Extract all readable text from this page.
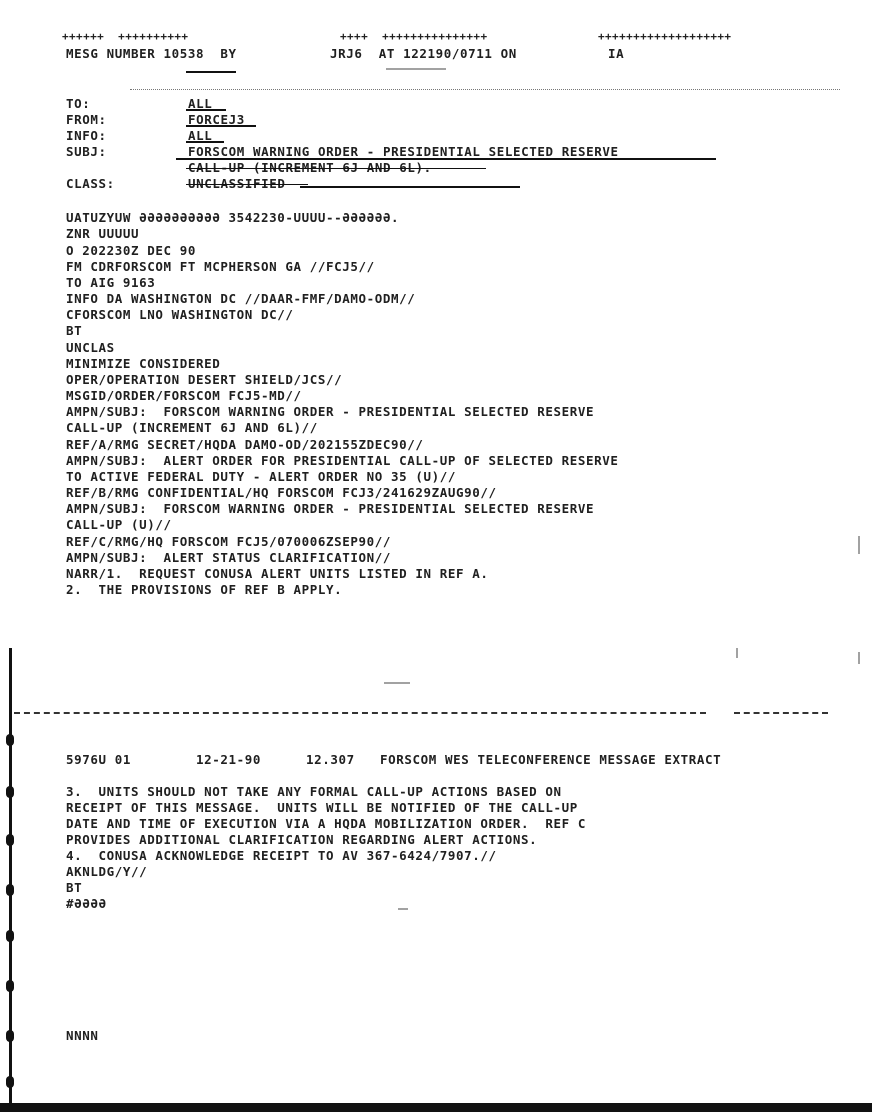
++++++  ++++++++++	++++  +++++++++++++++	+++++++++++++++++++
MESG NUMBER 10538  BY	JRJ6  AT 122190/0711 ON	IA
TO:	ALL
FROM:	FORCEJ3
INFO:	ALL
SUBJ:	FORSCOM WARNING ORDER - PRESIDENTIAL SELECTED RESERVE
CALL-UP (INCREMENT 6J AND 6L).
CLASS:	UNCLASSIFIED
UATUZYUW ƏƏƏƏƏƏƏƏƏƏ 3542230-UUUU--ƏƏƏƏƏƏ.
ZNR UUUUU
O 202230Z DEC 90
FM CDRFORSCOM FT MCPHERSON GA //FCJ5//
TO AIG 9163
INFO DA WASHINGTON DC //DAAR-FMF/DAMO-ODM//
CFORSCOM LNO WASHINGTON DC//
BT
UNCLAS
MINIMIZE CONSIDERED
OPER/OPERATION DESERT SHIELD/JCS//
MSGID/ORDER/FORSCOM FCJ5-MD//
AMPN/SUBJ:  FORSCOM WARNING ORDER - PRESIDENTIAL SELECTED RESERVE
CALL-UP (INCREMENT 6J AND 6L)//
REF/A/RMG SECRET/HQDA DAMO-OD/202155ZDEC90//
AMPN/SUBJ:  ALERT ORDER FOR PRESIDENTIAL CALL-UP OF SELECTED RESERVE
TO ACTIVE FEDERAL DUTY - ALERT ORDER NO 35 (U)//
REF/B/RMG CONFIDENTIAL/HQ FORSCOM FCJ3/241629ZAUG90//
AMPN/SUBJ:  FORSCOM WARNING ORDER - PRESIDENTIAL SELECTED RESERVE
CALL-UP (U)//
REF/C/RMG/HQ FORSCOM FCJ5/070006ZSEP90//
AMPN/SUBJ:  ALERT STATUS CLARIFICATION//
NARR/1.  REQUEST CONUSA ALERT UNITS LISTED IN REF A.
2.  THE PROVISIONS OF REF B APPLY.
5976U 01	12-21-90	12.307 FORSCOM WES TELECONFERENCE MESSAGE EXTRACT
3.  UNITS SHOULD NOT TAKE ANY FORMAL CALL-UP ACTIONS BASED ON
RECEIPT OF THIS MESSAGE.  UNITS WILL BE NOTIFIED OF THE CALL-UP
DATE AND TIME OF EXECUTION VIA A HQDA MOBILIZATION ORDER.  REF C
PROVIDES ADDITIONAL CLARIFICATION REGARDING ALERT ACTIONS.
4.  CONUSA ACKNOWLEDGE RECEIPT TO AV 367-6424/7907.//
AKNLDG/Y//
BT
#ƏƏƏƏ
NNNN
